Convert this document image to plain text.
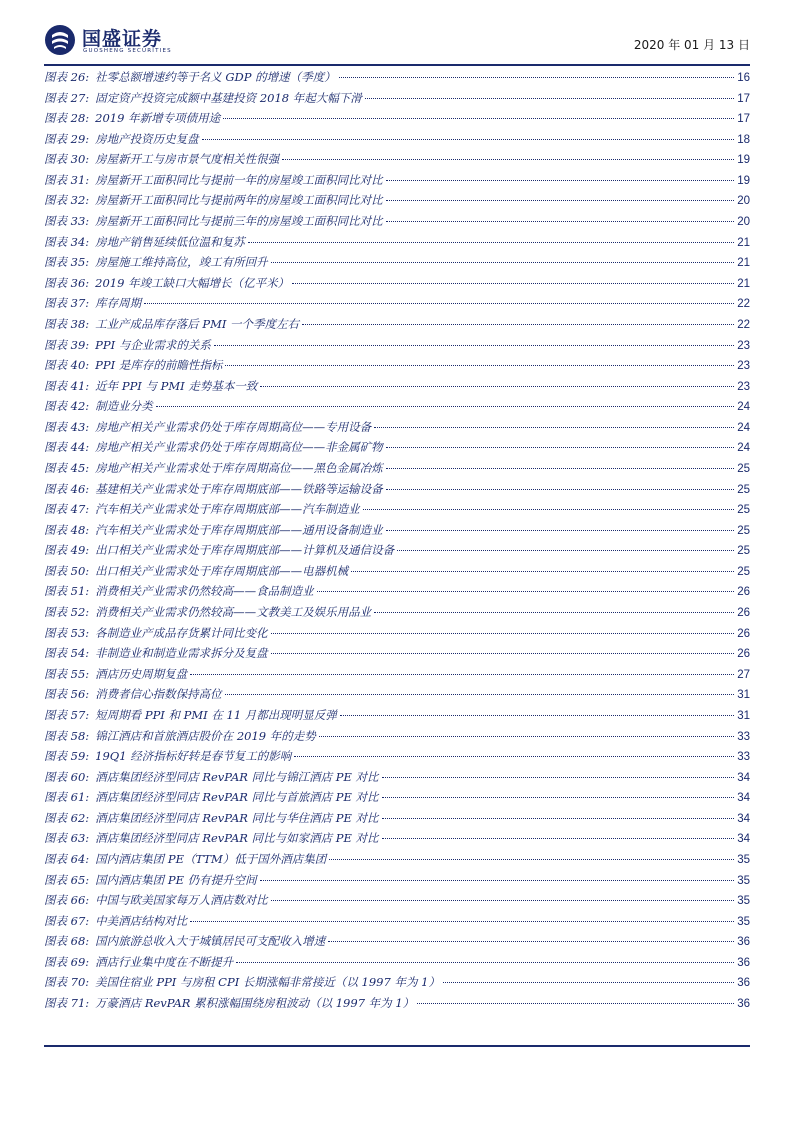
国盛证券
GUOSHENG SECURITIES	2020 年 01 月 13 日
图表 26: 社零总额增速约等于名义 GDP 的增速（季度）	16
图表 27: 固定资产投资完成额中基建投资 2018 年起大幅下滑	17
图表 28: 2019 年新增专项债用途	17
图表 29: 房地产投资历史复盘	18
图表 30: 房屋新开工与房市景气度相关性很强	19
图表 31: 房屋新开工面积同比与提前一年的房屋竣工面积同比对比	19
图表 32: 房屋新开工面积同比与提前两年的房屋竣工面积同比对比	20
图表 33: 房屋新开工面积同比与提前三年的房屋竣工面积同比对比	20
图表 34: 房地产销售延续低位温和复苏	21
图表 35: 房屋施工维持高位，竣工有所回升	21
图表 36: 2019 年竣工缺口大幅增长（亿平米）	21
图表 37: 库存周期	22
图表 38: 工业产成品库存落后 PMI 一个季度左右	22
图表 39: PPI 与企业需求的关系	23
图表 40: PPI 是库存的前瞻性指标	23
图表 41: 近年 PPI 与 PMI 走势基本一致	23
图表 42: 制造业分类	24
图表 43: 房地产相关产业需求仍处于库存周期高位——专用设备	24
图表 44: 房地产相关产业需求仍处于库存周期高位——非金属矿物	24
图表 45: 房地产相关产业需求处于库存周期高位——黑色金属冶炼	25
图表 46: 基建相关产业需求处于库存周期底部——铁路等运输设备	25
图表 47: 汽车相关产业需求处于库存周期底部——汽车制造业	25
图表 48: 汽车相关产业需求处于库存周期底部——通用设备制造业	25
图表 49: 出口相关产业需求处于库存周期底部——计算机及通信设备	25
图表 50: 出口相关产业需求处于库存周期底部——电器机械	25
图表 51: 消费相关产业需求仍然较高——食品制造业	26
图表 52: 消费相关产业需求仍然较高——文教美工及娱乐用品业	26
图表 53: 各制造业产成品存货累计同比变化	26
图表 54: 非制造业和制造业需求拆分及复盘	26
图表 55: 酒店历史周期复盘	27
图表 56: 消费者信心指数保持高位	31
图表 57: 短周期看 PPI 和 PMI 在 11 月都出现明显反弹	31
图表 58: 锦江酒店和首旅酒店股价在 2019 年的走势	33
图表 59: 19Q1 经济指标好转是春节复工的影响	33
图表 60: 酒店集团经济型同店 RevPAR 同比与锦江酒店 PE 对比	34
图表 61: 酒店集团经济型同店 RevPAR 同比与首旅酒店 PE 对比	34
图表 62: 酒店集团经济型同店 RevPAR 同比与华住酒店 PE 对比	34
图表 63: 酒店集团经济型同店 RevPAR 同比与如家酒店 PE 对比	34
图表 64: 国内酒店集团 PE（TTM）低于国外酒店集团	35
图表 65: 国内酒店集团 PE 仍有提升空间	35
图表 66: 中国与欧美国家每万人酒店数对比	35
图表 67: 中美酒店结构对比	35
图表 68: 国内旅游总收入大于城镇居民可支配收入增速	36
图表 69: 酒店行业集中度在不断提升	36
图表 70: 美国住宿业 PPI 与房租 CPI 长期涨幅非常接近（以 1997 年为 1）	36
图表 71: 万豪酒店 RevPAR 累积涨幅围绕房租波动（以 1997 年为 1）	36
